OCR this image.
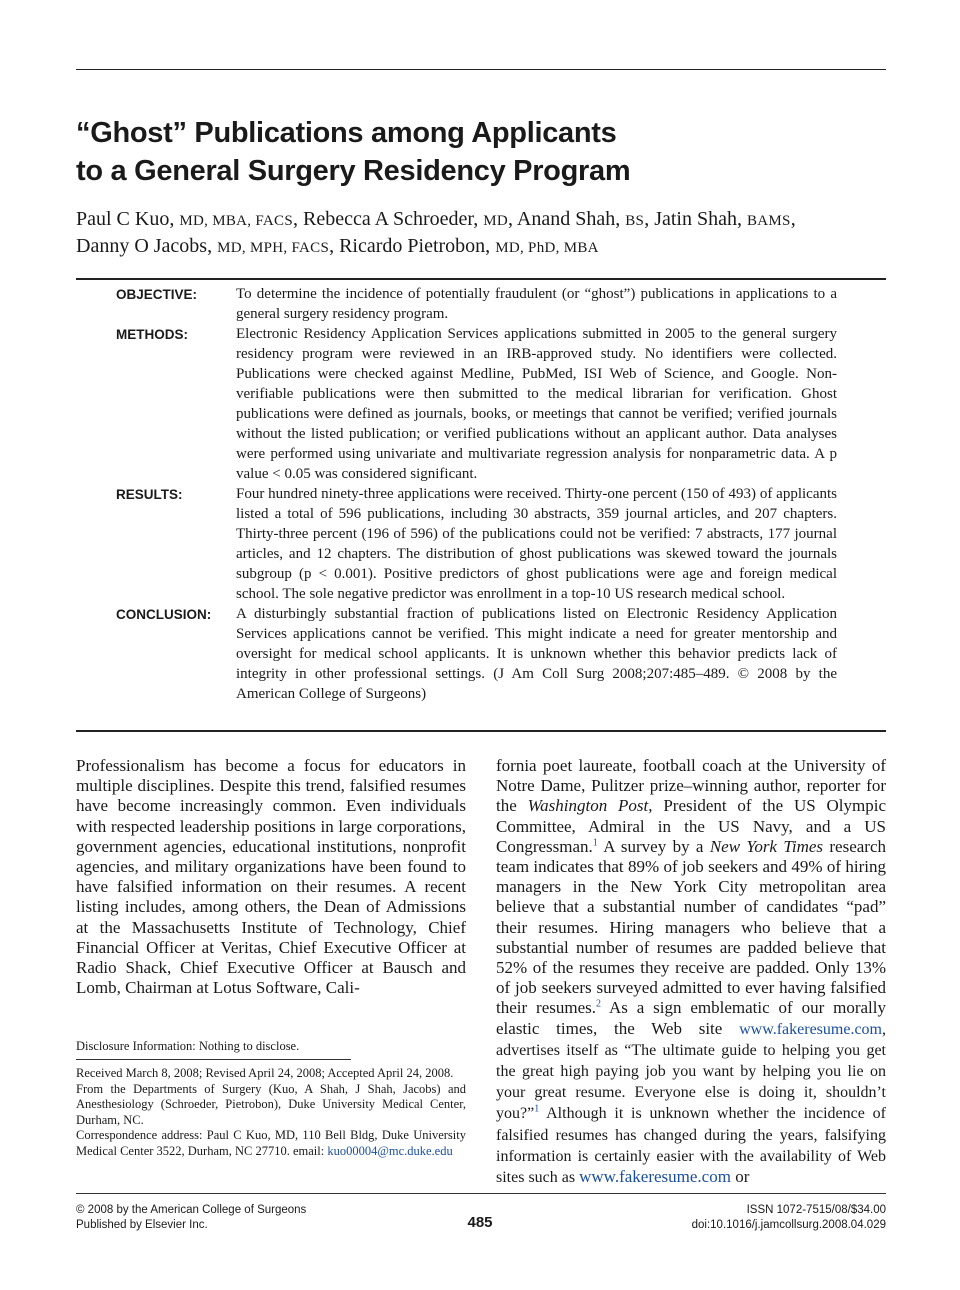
“Ghost” Publications among Applicants
to a General Surgery Residency Program
Paul C Kuo, MD, MBA, FACS, Rebecca A Schroeder, MD, Anand Shah, BS, Jatin Shah, BAMS,
Danny O Jacobs, MD, MPH, FACS, Ricardo Pietrobon, MD, PhD, MBA
OBJECTIVE:	To determine the incidence of potentially fraudulent (or “ghost”) publications in applications to a general surgery residency program.
METHODS:	Electronic Residency Application Services applications submitted in 2005 to the general surgery residency program were reviewed in an IRB-approved study. No identifiers were collected. Publications were checked against Medline, PubMed, ISI Web of Science, and Google. Non-verifiable publications were then submitted to the medical librarian for verification. Ghost publications were defined as journals, books, or meetings that cannot be verified; verified journals without the listed publication; or verified publications without an applicant author. Data analyses were performed using univariate and multivariate regression analysis for nonparametric data. A p value < 0.05 was considered significant.
RESULTS:	Four hundred ninety-three applications were received. Thirty-one percent (150 of 493) of applicants listed a total of 596 publications, including 30 abstracts, 359 journal articles, and 207 chapters. Thirty-three percent (196 of 596) of the publications could not be verified: 7 abstracts, 177 journal articles, and 12 chapters. The distribution of ghost publications was skewed toward the journals subgroup (p < 0.001). Positive predictors of ghost publications were age and foreign medical school. The sole negative predictor was enrollment in a top-10 US research medical school.
CONCLUSION:	A disturbingly substantial fraction of publications listed on Electronic Residency Application Services applications cannot be verified. This might indicate a need for greater mentorship and oversight for medical school applicants. It is unknown whether this behavior predicts lack of integrity in other professional settings. (J Am Coll Surg 2008;207:485–489. © 2008 by the American College of Surgeons)
Professionalism has become a focus for educators in multiple disciplines. Despite this trend, falsified resumes have become increasingly common. Even individuals with respected leadership positions in large corporations, government agencies, educational institutions, nonprofit agencies, and military organizations have been found to have falsified information on their resumes. A recent listing includes, among others, the Dean of Admissions at the Massachusetts Institute of Technology, Chief Financial Officer at Veritas, Chief Executive Officer at Radio Shack, Chief Executive Officer at Bausch and Lomb, Chairman at Lotus Software, Cali-
fornia poet laureate, football coach at the University of Notre Dame, Pulitzer prize–winning author, reporter for the Washington Post, President of the US Olympic Committee, Admiral in the US Navy, and a US Congressman.$^1$ A survey by a New York Times research team indicates that 89% of job seekers and 49% of hiring managers in the New York City metropolitan area believe that a substantial number of candidates “pad” their resumes. Hiring managers who believe that a substantial number of resumes are padded believe that 52% of the resumes they receive are padded. Only 13% of job seekers surveyed admitted to ever having falsified their resumes.$^2$ As a sign emblematic of our morally elastic times, the Web site www.fakeresume.com, advertises itself as “The ultimate guide to helping you get the great high paying job you want by helping you lie on your great resume. Everyone else is doing it, shouldn’t you?”$^1$ Although it is unknown whether the incidence of falsified resumes has changed during the years, falsifying information is certainly easier with the availability of Web sites such as www.fakeresume.com or
Disclosure Information: Nothing to disclose.

Received March 8, 2008; Revised April 24, 2008; Accepted April 24, 2008.

From the Departments of Surgery (Kuo, A Shah, J Shah, Jacobs) and Anesthesiology (Schroeder, Pietrobon), Duke University Medical Center, Durham, NC.

Correspondence address: Paul C Kuo, MD, 110 Bell Bldg, Duke University Medical Center 3522, Durham, NC 27710. email: kuo00004@mc.duke.edu

© 2008 by the American College of Surgeons
Published by Elsevier Inc.	485
ISSN 1072-7515/08/$34.00
doi:10.1016/j.jamcollsurg.2008.04.029
